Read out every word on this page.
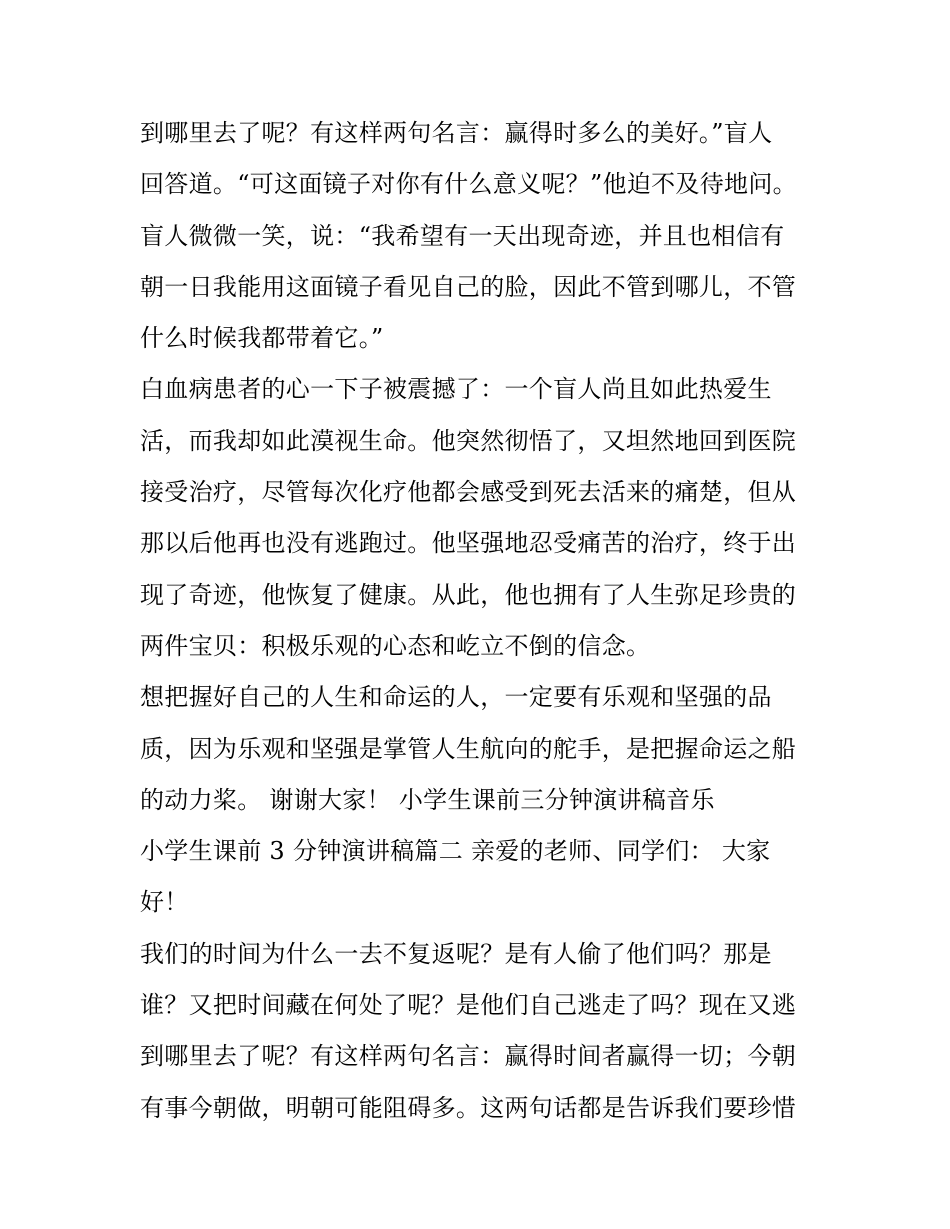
到哪里去了呢？有这样两句名言：赢得时多么的美好。”盲人
回答道。“可这面镜子对你有什么意义呢？”他迫不及待地问。
盲人微微一笑，说：“我希望有一天出现奇迹，并且也相信有
朝一日我能用这面镜子看见自己的脸，因此不管到哪儿，不管
什么时候我都带着它。”
白血病患者的心一下子被震撼了：一个盲人尚且如此热爱生
活，而我却如此漠视生命。他突然彻悟了，又坦然地回到医院
接受治疗，尽管每次化疗他都会感受到死去活来的痛楚，但从
那以后他再也没有逃跑过。他坚强地忍受痛苦的治疗，终于出
现了奇迹，他恢复了健康。从此，他也拥有了人生弥足珍贵的
两件宝贝：积极乐观的心态和屹立不倒的信念。
想把握好自己的人生和命运的人，一定要有乐观和坚强的品
质，因为乐观和坚强是掌管人生航向的舵手，是把握命运之船
的动力桨。 谢谢大家！ 小学生课前三分钟演讲稿音乐
小学生课前 3 分钟演讲稿篇二 亲爱的老师、同学们： 大家
好！
我们的时间为什么一去不复返呢？是有人偷了他们吗？那是
谁？又把时间藏在何处了呢？是他们自己逃走了吗？现在又逃
到哪里去了呢？有这样两句名言：赢得时间者赢得一切；今朝
有事今朝做，明朝可能阻碍多。这两句话都是告诉我们要珍惜
